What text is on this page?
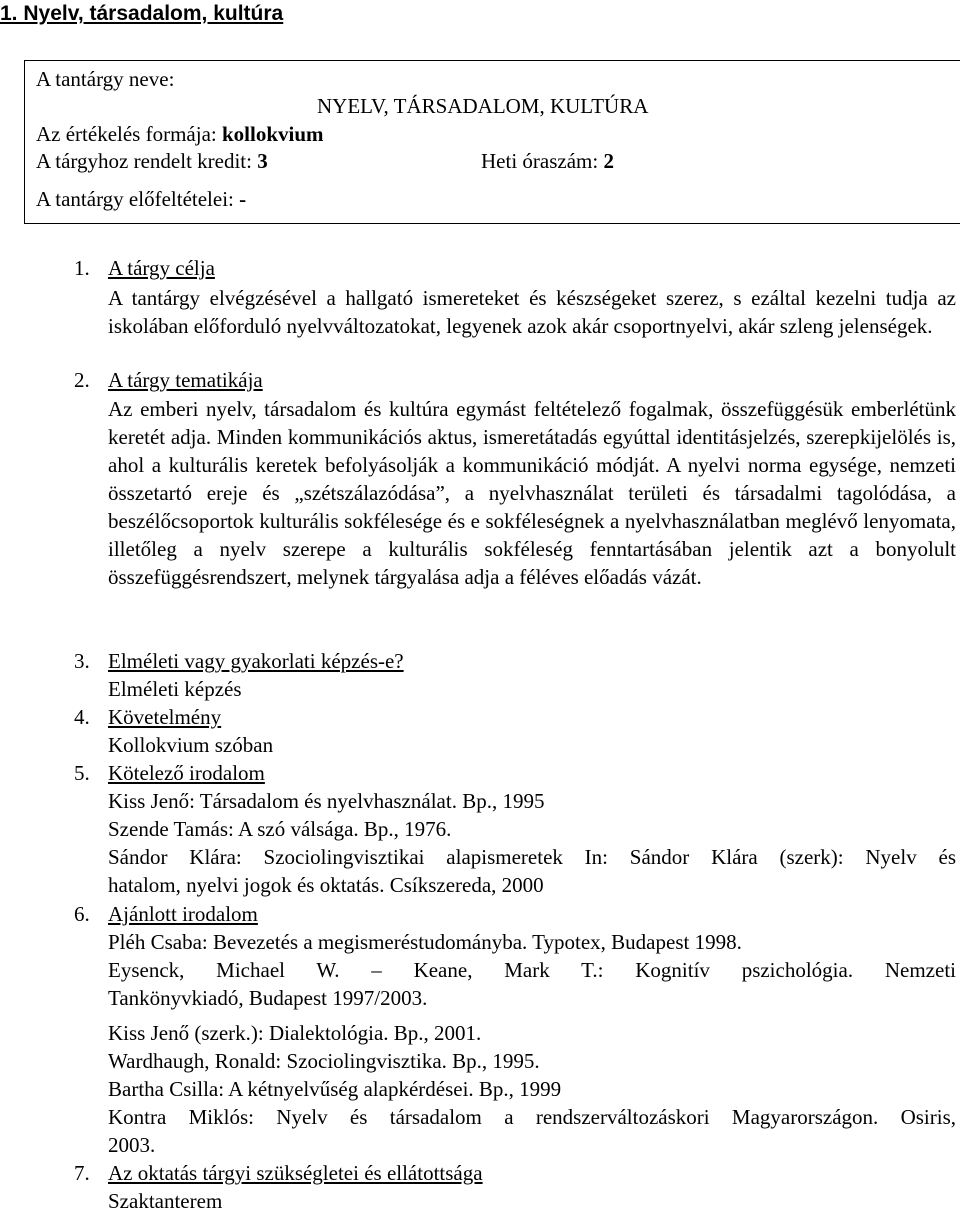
1. Nyelv, társadalom, kultúra
A tantárgy neve:
NYELV, TÁRSADALOM, KULTÚRA
Az értékelés formája: kollokvium
A tárgyhoz rendelt kredit: 3	Heti óraszám: 2
A tantárgy előfeltételei: -
1. A tárgy célja
A tantárgy elvégzésével a hallgató ismereteket és készségeket szerez, s ezáltal kezelni tudja az iskolában előforduló nyelvváltozatokat, legyenek azok akár csoportnyelvi, akár szleng jelenségek.
2. A tárgy tematikája
Az emberi nyelv, társadalom és kultúra egymást feltételező fogalmak, összefüggésük emberlétünk keretét adja. Minden kommunikációs aktus, ismeretátadás egyúttal identitásjelzés, szerepkijelölés is, ahol a kulturális keretek befolyásolják a kommunikáció módját. A nyelvi norma egysége, nemzeti összetartó ereje és „szétszálazódása”, a nyelvhasználat területi és társadalmi tagolódása, a beszélőcsoportok kulturális sokfélesége és e sokféleségnek a nyelvhasználatban meglévő lenyomata, illetőleg a nyelv szerepe a kulturális sokféleség fenntartásában jelentik azt a bonyolult összefüggésrendszert, melynek tárgyalása adja a féléves előadás vázát.
3. Elméleti vagy gyakorlati képzés-e?
Elméleti képzés
4. Követelmény
Kollokvium szóban
5. Kötelező irodalom
Kiss Jenő: Társadalom és nyelvhasználat. Bp., 1995
Szende Tamás: A szó válsága. Bp., 1976.
Sándor Klára: Szociolingvisztikai alapismeretek In: Sándor Klára (szerk): Nyelv és
hatalom, nyelvi jogok és oktatás. Csíkszereda, 2000
6. Ajánlott irodalom
Pléh Csaba: Bevezetés a megismeréstudományba. Typotex, Budapest 1998.
Eysenck, Michael W. – Keane, Mark T.: Kognitív pszichológia. Nemzeti
Tankönyvkiadó, Budapest 1997/2003.
Kiss Jenő (szerk.): Dialektológia. Bp., 2001.
Wardhaugh, Ronald: Szociolingvisztika. Bp., 1995.
Bartha Csilla: A kétnyelvűség alapkérdései. Bp., 1999
Kontra Miklós: Nyelv és társadalom a rendszerváltozáskori Magyarországon. Osiris,
2003.
7. Az oktatás tárgyi szükségletei és ellátottsága
Szaktanterem
